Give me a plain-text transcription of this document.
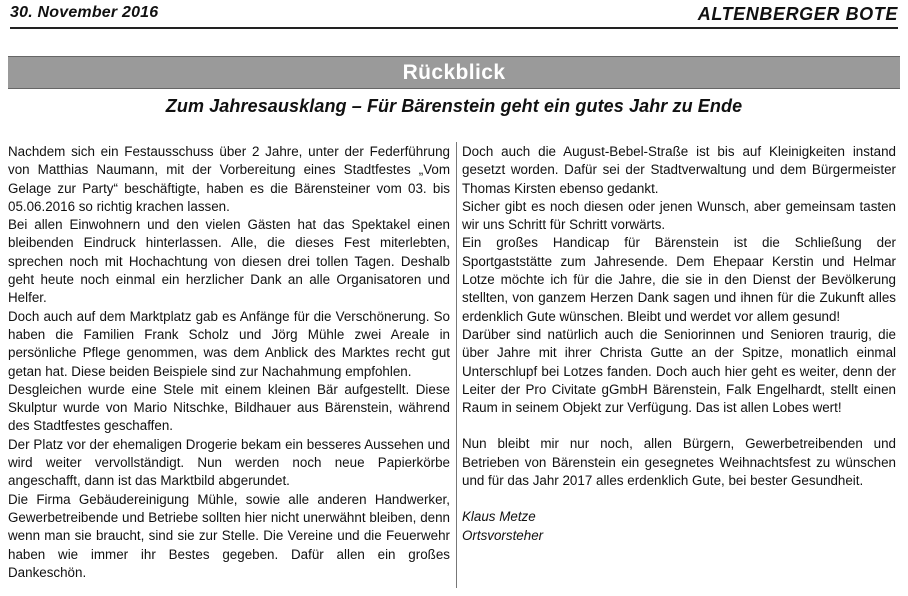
30. November 2016	ALTENBERGER BOTE
Rückblick
Zum Jahresausklang – Für Bärenstein geht ein gutes Jahr zu Ende

Nachdem sich ein Festausschuss über 2 Jahre, unter der Federführung von Matthias Naumann, mit der Vorbereitung eines Stadtfestes „Vom Gelage zur Party“ beschäftigte, haben es die Bärensteiner vom 03. bis 05.06.2016 so richtig krachen lassen.

Bei allen Einwohnern und den vielen Gästen hat das Spektakel einen bleibenden Eindruck hinterlassen. Alle, die dieses Fest miterlebten, sprechen noch mit Hochachtung von diesen drei tollen Tagen. Deshalb geht heute noch einmal ein herzlicher Dank an alle Organisatoren und Helfer.

Doch auch auf dem Marktplatz gab es Anfänge für die Verschönerung. So haben die Familien Frank Scholz und Jörg Mühle zwei Areale in persönliche Pflege genommen, was dem Anblick des Marktes recht gut getan hat. Diese beiden Beispiele sind zur Nachahmung empfohlen.

Desgleichen wurde eine Stele mit einem kleinen Bär aufgestellt. Diese Skulptur wurde von Mario Nitschke, Bildhauer aus Bärenstein, während des Stadtfestes geschaffen.

Der Platz vor der ehemaligen Drogerie bekam ein besseres Aussehen und wird weiter vervollständigt. Nun werden noch neue Papierkörbe angeschafft, dann ist das Marktbild abgerundet.

Die Firma Gebäudereinigung Mühle, sowie alle anderen Handwerker, Gewerbetreibende und Betriebe sollten hier nicht unerwähnt bleiben, denn wenn man sie braucht, sind sie zur Stelle. Die Vereine und die Feuerwehr haben wie immer ihr Bestes gegeben. Dafür allen ein großes Dankeschön.

Doch auch die August-Bebel-Straße ist bis auf Kleinigkeiten instand gesetzt worden. Dafür sei der Stadtverwaltung und dem Bürgermeister Thomas Kirsten ebenso gedankt.

Sicher gibt es noch diesen oder jenen Wunsch, aber gemeinsam tasten wir uns Schritt für Schritt vorwärts.

Ein großes Handicap für Bärenstein ist die Schließung der Sportgaststätte zum Jahresende. Dem Ehepaar Kerstin und Helmar Lotze möchte ich für die Jahre, die sie in den Dienst der Bevölkerung stellten, von ganzem Herzen Dank sagen und ihnen für die Zukunft alles erdenklich Gute wünschen. Bleibt und werdet vor allem gesund!

Darüber sind natürlich auch die Seniorinnen und Senioren traurig, die über Jahre mit ihrer Christa Gutte an der Spitze, monatlich einmal Unterschlupf bei Lotzes fanden. Doch auch hier geht es weiter, denn der Leiter der Pro Civitate gGmbH Bärenstein, Falk Engelhardt, stellt einen Raum in seinem Objekt zur Verfügung. Das ist allen Lobes wert!

Nun bleibt mir nur noch, allen Bürgern, Gewerbetreibenden und Betrieben von Bärenstein ein gesegnetes Weihnachtsfest zu wünschen und für das Jahr 2017 alles erdenklich Gute, bei bester Gesundheit.

Klaus Metze

Ortsvorsteher
